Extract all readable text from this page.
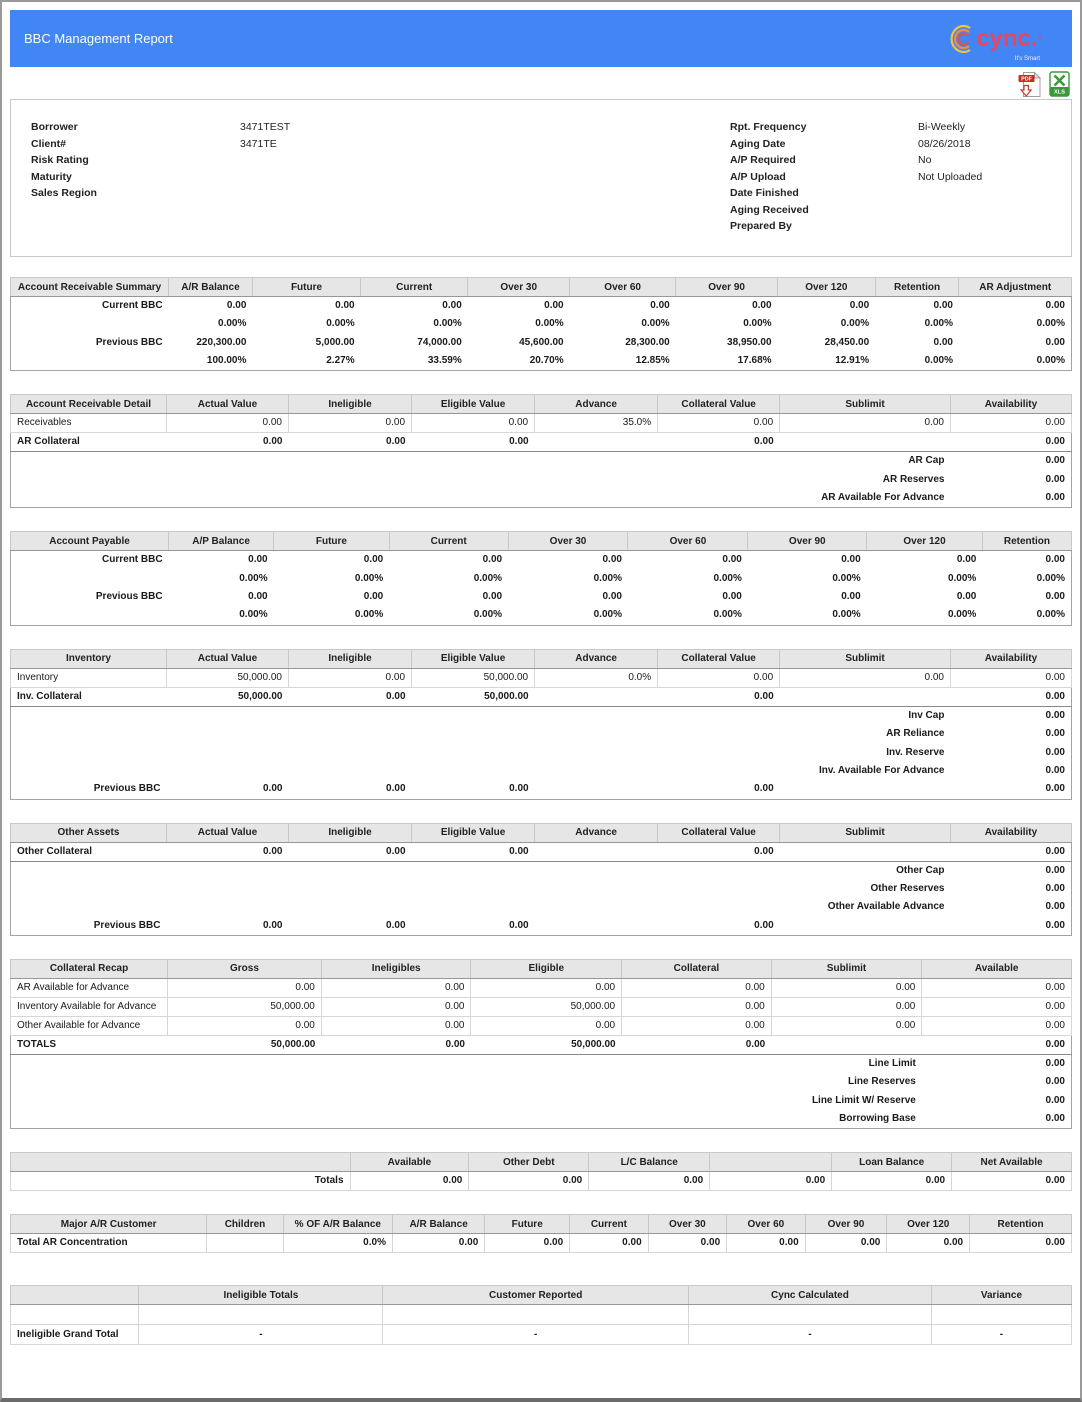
BBC Management Report	cync. ®
It's Smart
PDF
XLS
Borrower	3471TEST
Client#	3471TE
Risk Rating
Maturity
Sales Region
Rpt. Frequency	Bi-Weekly
Aging Date	08/26/2018
A/P Required	No
A/P Upload	Not Uploaded
Date Finished
Aging Received
Prepared By
Account Receivable Summary	A/R Balance	Future	Current	Over 30	Over 60	Over 90	Over 120	Retention	AR Adjustment
Current BBC	0.00	0.00	0.00	0.00	0.00	0.00	0.00	0.00	0.00
	0.00%	0.00%	0.00%	0.00%	0.00%	0.00%	0.00%	0.00%	0.00%
Previous BBC	220,300.00	5,000.00	74,000.00	45,600.00	28,300.00	38,950.00	28,450.00	0.00	0.00
	100.00%	2.27%	33.59%	20.70%	12.85%	17.68%	12.91%	0.00%	0.00%
Account Receivable Detail	Actual Value	Ineligible	Eligible Value	Advance	Collateral Value	Sublimit	Availability
Receivables	0.00	0.00	0.00	35.0%	0.00	0.00	0.00
AR Collateral	0.00	0.00	0.00		0.00		0.00
						AR Cap	0.00
						AR Reserves	0.00
						AR Available For Advance	0.00
Account Payable	A/P Balance	Future	Current	Over 30	Over 60	Over 90	Over 120	Retention
Current BBC	0.00	0.00	0.00	0.00	0.00	0.00	0.00	0.00
	0.00%	0.00%	0.00%	0.00%	0.00%	0.00%	0.00%	0.00%
Previous BBC	0.00	0.00	0.00	0.00	0.00	0.00	0.00	0.00
	0.00%	0.00%	0.00%	0.00%	0.00%	0.00%	0.00%	0.00%
Inventory	Actual Value	Ineligible	Eligible Value	Advance	Collateral Value	Sublimit	Availability
Inventory	50,000.00	0.00	50,000.00	0.0%	0.00	0.00	0.00
Inv. Collateral	50,000.00	0.00	50,000.00		0.00		0.00
						Inv Cap	0.00
						AR Reliance	0.00
						Inv. Reserve	0.00
						Inv. Available For Advance	0.00
Previous BBC	0.00	0.00	0.00		0.00		0.00
Other Assets	Actual Value	Ineligible	Eligible Value	Advance	Collateral Value	Sublimit	Availability
Other Collateral	0.00	0.00	0.00		0.00		0.00
						Other Cap	0.00
						Other Reserves	0.00
						Other Available Advance	0.00
Previous BBC	0.00	0.00	0.00		0.00		0.00
Collateral Recap	Gross	Ineligibles	Eligible	Collateral	Sublimit	Available
AR Available for Advance	0.00	0.00	0.00	0.00	0.00	0.00
Inventory Available for Advance	50,000.00	0.00	50,000.00	0.00	0.00	0.00
Other Available for Advance	0.00	0.00	0.00	0.00	0.00	0.00
TOTALS	50,000.00	0.00	50,000.00	0.00		0.00
					Line Limit	0.00
					Line Reserves	0.00
					Line Limit W/ Reserve	0.00
					Borrowing Base	0.00
	Available	Other Debt	L/C Balance		Loan Balance	Net Available
Totals	0.00	0.00	0.00	0.00	0.00	0.00
Major A/R Customer	Children	% OF A/R Balance	A/R Balance	Future	Current	Over 30	Over 60	Over 90	Over 120	Retention
Total AR Concentration		0.0%	0.00	0.00	0.00	0.00	0.00	0.00	0.00	0.00
	Ineligible Totals	Customer Reported	Cync Calculated	Variance

Ineligible Grand Total	-	-	-	-
